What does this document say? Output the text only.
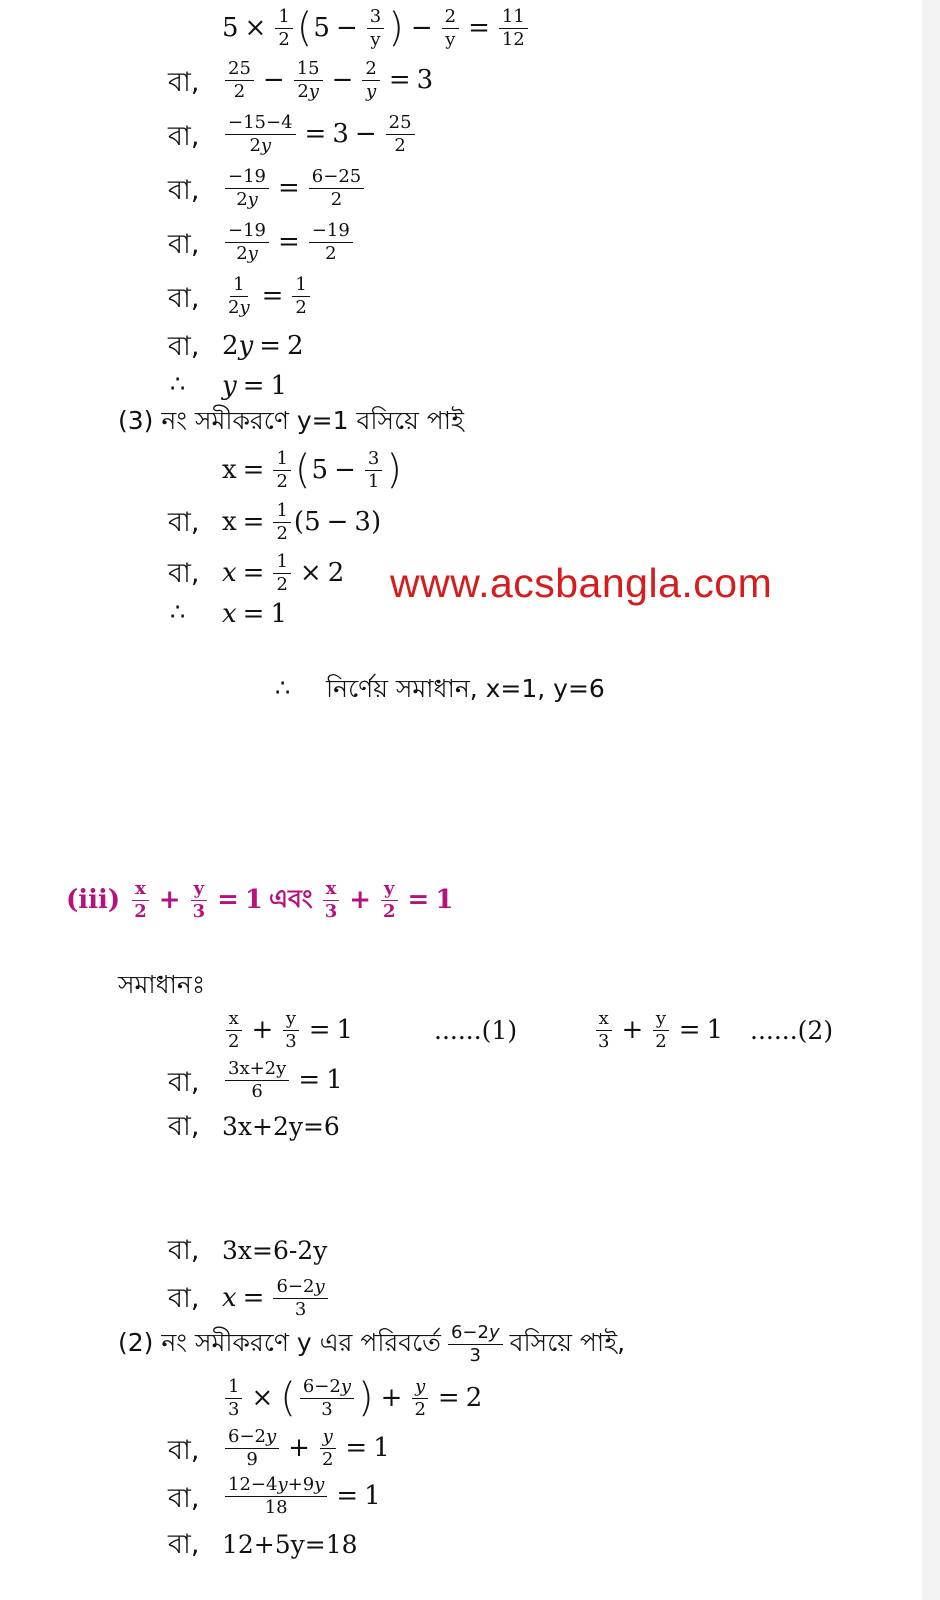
$5 \times \frac{1}{2}$ ( $5 - \frac{3}{y}$ ) − $\frac{2}{y} = \frac{11}{12}$
বা, $\frac{25}{2} - \frac{15}{2y} - \frac{2}{y} = 3$
বা, $\frac{-15-4}{2y} = 3 - \frac{25}{2}$
বা, $\frac{-19}{2y} = \frac{6-25}{2}$
বা, $\frac{-19}{2y} = \frac{-19}{2}$
বা, $\frac{1}{2y} = \frac{1}{2}$
বা, 2y = 2
∴ y = 1
(3) নং সমীকরণে y=1 বসিয়ে পাই
$x = \frac{1}{2}$ ( $5 - \frac{3}{1}$ )
বা, $x = \frac{1}{2} (5 - 3)$
বা, $x = \frac{1}{2} \times 2$
∴ x = 1
www.acsbangla.com
∴ নির্ণেয় সমাধান, x=1, y=6
$(iii) \frac{x}{2} + \frac{y}{3} = 1$ এবং $\frac{x}{3} + \frac{y}{2} = 1$
সমাধানঃ
$\frac{x}{2} + \frac{y}{3} = 1$	......(1)	$\frac{x}{3} + \frac{y}{2} = 1$ ......(2)
বা, $\frac{3x+2y}{6} = 1$
বা, 3x+2y=6
বা, 3x=6-2y
বা, $x = \frac{6-2y}{3}$
(2) নং সমীকরণে y এর পরিবর্তে $\frac{6-2y}{3}$ বসিয়ে পাই,
$\frac{1}{3}$ × ( $\frac{6-2y}{3}$ ) + $\frac{y}{2} = 2$
বা, $\frac{6-2y}{9} + \frac{y}{2} = 1$
বা, $\frac{12-4y+9y}{18} = 1$
বা, 12+5y=18
